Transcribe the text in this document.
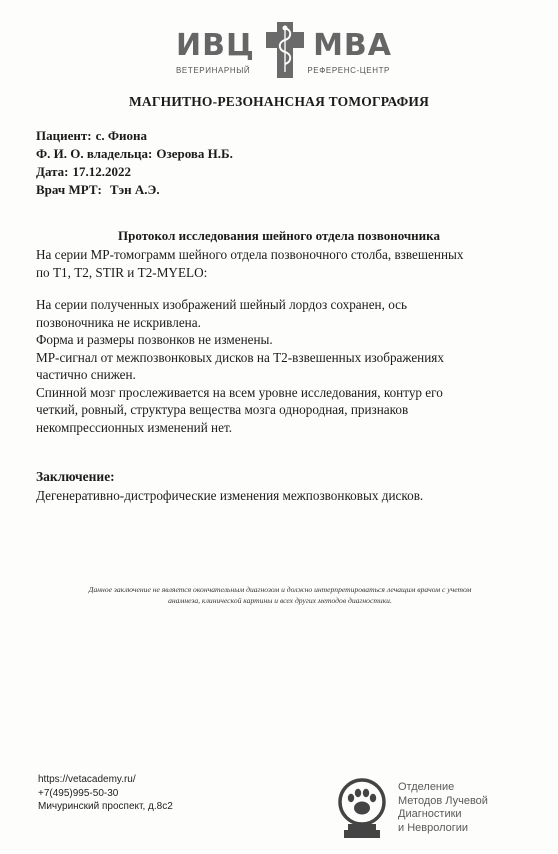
ИВЦ МВА
ВЕТЕРИНАРНЫЙ	РЕФЕРЕНС-ЦЕНТР
МАГНИТНО-РЕЗОНАНСНАЯ ТОМОГРАФИЯ
Пациент: с. Фиона
Ф. И. О. владельца: Озерова Н.Б.
Дата: 17.12.2022
Врач МРТ: Тэн А.Э.
Протокол исследования шейного отдела позвоночника
На серии МР-томограмм шейного отдела позвоночного столба, взвешенных
по Т1, Т2, STIR и Т2-MYELO:
На серии полученных изображений шейный лордоз сохранен, ось
позвоночника не искривлена.
Форма и размеры позвонков не изменены.
МР-сигнал от межпозвонковых дисков на Т2-взвешенных изображениях
частично снижен.
Спинной мозг прослеживается на всем уровне исследования, контур его
четкий, ровный, структура вещества мозга однородная, признаков
некомпрессионных изменений нет.
Заключение:
Дегенеративно-дистрофические изменения межпозвонковых дисков.
Данное заключение не является окончательным диагнозом и должно интерпретироваться лечащим врачом с учетом
анамнеза, клинической картины и всех других методов диагностики.
https://vetacademy.ru/
+7(495)995-50-30
Мичуринский проспект, д.8с2
Отделение
Методов Лучевой
Диагностики
и Неврологии
